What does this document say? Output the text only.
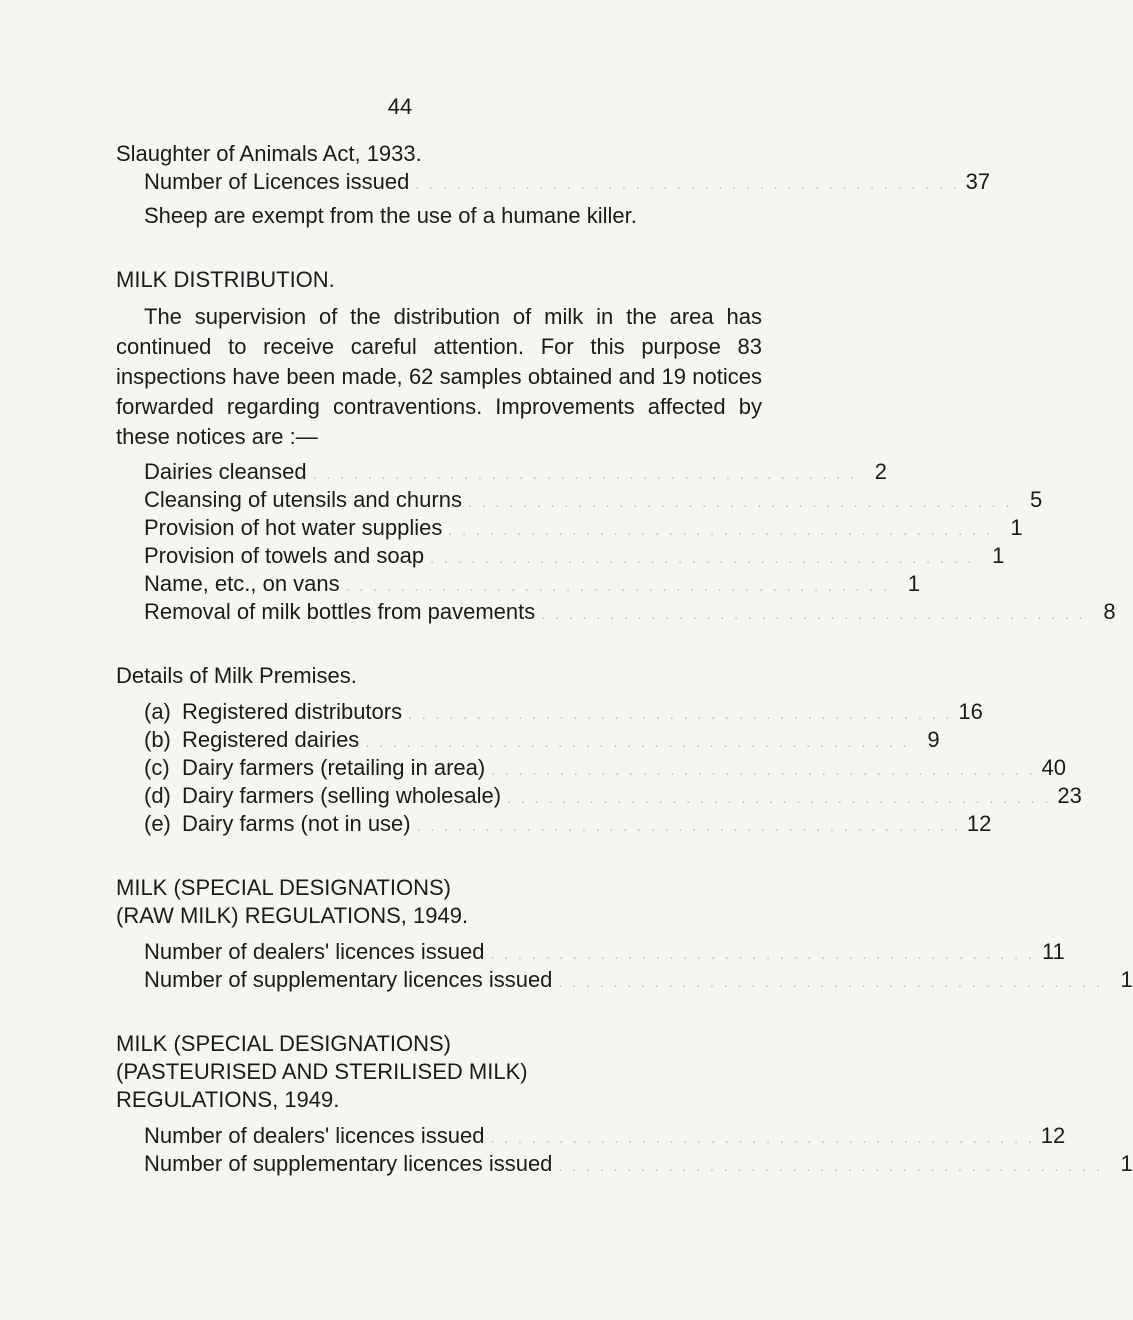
44
Slaughter of Animals Act, 1933.
Number of Licences issued . . . . . . . . . . . . . . . . . . . . . . . . . . . . . . . . . . . . . . . . 37

Sheep are exempt from the use of a humane killer.

MILK DISTRIBUTION.

The supervision of the distribution of milk in the area has continued to receive careful attention. For this purpose 83 inspections have been made, 62 samples obtained and 19 notices forwarded regarding contraventions. Improvements affected by these notices are :—

Dairies cleansed . . . . . . . . . . . . . . . . . . . . . . . . . . . . . . . . . . . . . . . . 2
Cleansing of utensils and churns . . . . . . . . . . . . . . . . . . . . . . . . . . . . . . . . . . . . . . . . 5
Provision of hot water supplies . . . . . . . . . . . . . . . . . . . . . . . . . . . . . . . . . . . . . . . . 1
Provision of towels and soap . . . . . . . . . . . . . . . . . . . . . . . . . . . . . . . . . . . . . . . . 1
Name, etc., on vans . . . . . . . . . . . . . . . . . . . . . . . . . . . . . . . . . . . . . . . . 1
Removal of milk bottles from pavements . . . . . . . . . . . . . . . . . . . . . . . . . . . . . . . . . . . . . . . . 8
Details of Milk Premises.
(a) Registered distributors . . . . . . . . . . . . . . . . . . . . . . . . . . . . . . . . . . . . . . . . 16
(b) Registered dairies . . . . . . . . . . . . . . . . . . . . . . . . . . . . . . . . . . . . . . . . 9
(c) Dairy farmers (retailing in area) . . . . . . . . . . . . . . . . . . . . . . . . . . . . . . . . . . . . . . . . 40
(d) Dairy farmers (selling wholesale) . . . . . . . . . . . . . . . . . . . . . . . . . . . . . . . . . . . . . . . . 23
(e) Dairy farms (not in use) . . . . . . . . . . . . . . . . . . . . . . . . . . . . . . . . . . . . . . . . 12
MILK (SPECIAL DESIGNATIONS)
(RAW MILK) REGULATIONS, 1949.
Number of dealers' licences issued . . . . . . . . . . . . . . . . . . . . . . . . . . . . . . . . . . . . . . . . 11
Number of supplementary licences issued . . . . . . . . . . . . . . . . . . . . . . . . . . . . . . . . . . . . . . . . 1
MILK (SPECIAL DESIGNATIONS)
(PASTEURISED AND STERILISED MILK)
REGULATIONS, 1949.
Number of dealers' licences issued . . . . . . . . . . . . . . . . . . . . . . . . . . . . . . . . . . . . . . . . 12
Number of supplementary licences issued . . . . . . . . . . . . . . . . . . . . . . . . . . . . . . . . . . . . . . . . 1
